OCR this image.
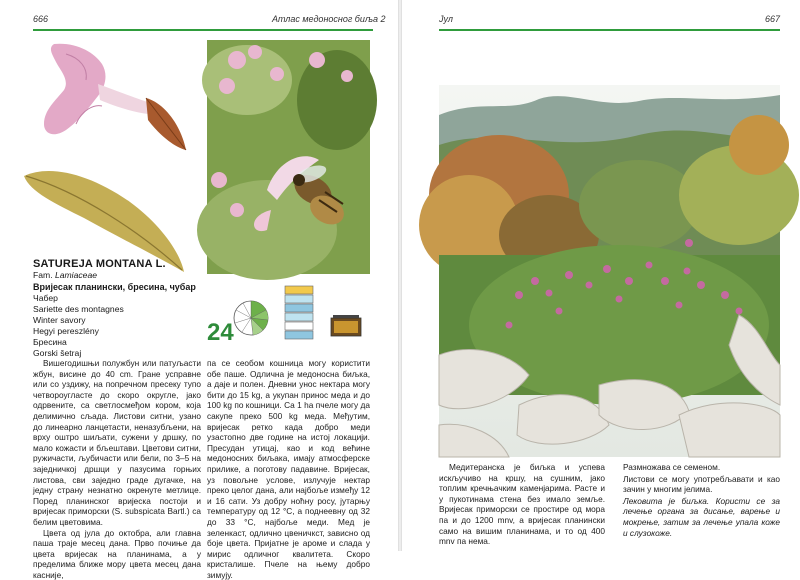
666	Атлас медоносног биља 2
SATUREJA MONTANA L.
Fam. Lamiaceae
Вријесак планински, бресина, чубар
Чабер
Sariette des montagnes
Winter savory
Hegyi pereszlény
Бресина
Gorski šetraj
24

Вишегодишњи полужбун или патуљасти жбун, висине до 40 cm. Гране усправне или со уздижу, на попречном пресеку тупо четвороугласте до скоро округле, јако одрвените, са светлосмеђом кором, која делимично сљада. Листови ситни, узано до линеарно ланцетасти, неназубљени, на врху оштро шиљати, сужени у дршку, по мало кожасти и бљештави. Цветови ситни, ружичасти, љубичасти или бели, по 3–5 на заједничкој дршци у пазусима горњих листова, сви заједно граде дугачке, на једну страну незнатно окренуте метлице. Поред планинског вријеска постоји и вријесак приморски (S. subspicata Bartl.) са белим цветовима.

Цвета од јула до октобра, али главна паша траје месец дана. Прво почиње да цвета вријесак на планинама, а у пределима ближе мору цвета месец дана касније,

па се сеобом кошница могу користити обе паше. Одлична је медоносна биљка, а даје и полен. Дневни унос нектара могу бити до 15 kg, а укупан принос меда и до 100 kg по кошници. Са 1 ha пчеле могу да сакупе преко 500 kg меда. Међутим, вријесак ретко када добро меди узастопно две године на истој локацији. Пресудан утицај, као и код већине медоносних биљака, имају атмосферске прилике, а поготову падавине. Вријесак, уз повољне услове, излучује нектар преко целог дана, али најбоље између 12 и 16 сати. Уз добру ноћну росу, јутарњу температуру од 12 °C, а поднеевну од 32 до 33 °C, најбоље меди. Мед је зеленкаст, одлично цвеничкст, зависно од боје цвета. Пријатне је ароме и слада у мирис одличног квалитета. Скоро кристалише. Пчеле на њему добро зимују.

Јул	667

Медитеранска је биљка и успева искључиво на кршу, на сушним, јако топлим кречњачким каменјарима. Расте и у пукотинама стена без имало земље. Вријесак приморски се простире од мора па и до 1200 mnv, а вријесак планински само на вишим планинама, и то од 400 mnv па нема.

Размножава се семеном.

Листови се могу употребљавати и као зачин у многим јелима.

Лековита је биљка. Користи се за лечење органа за дисање, варење и мокрење, затим за лечење упала коже и слузокоже.
